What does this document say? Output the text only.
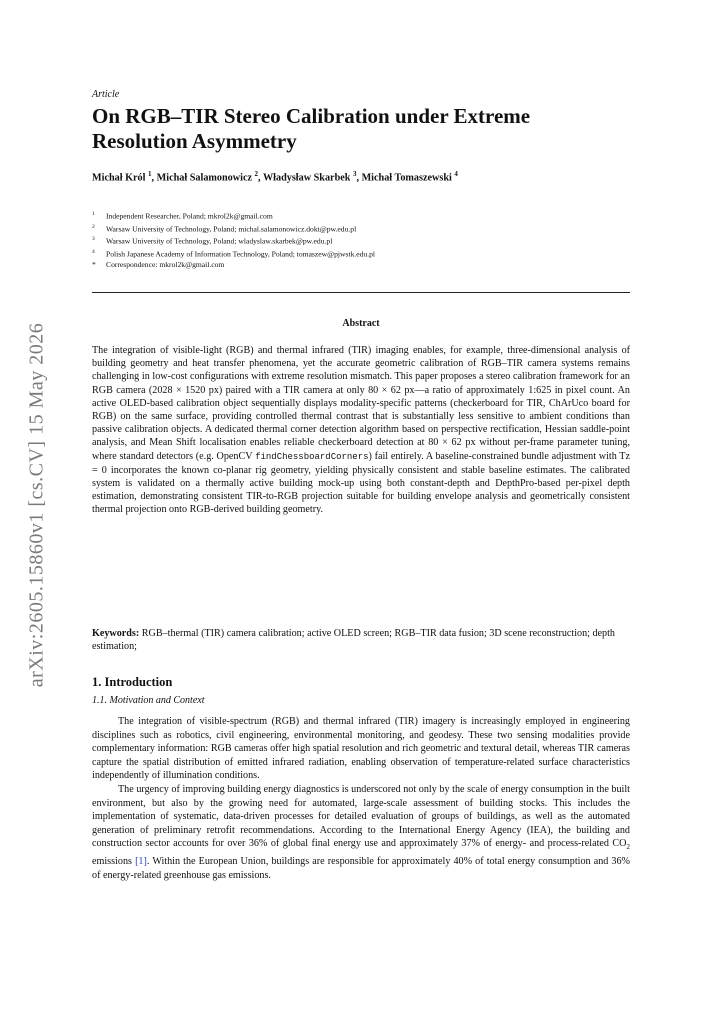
arXiv:2605.15860v1 [cs.CV] 15 May 2026
Article
On RGB–TIR Stereo Calibration under Extreme Resolution Asymmetry
Michał Król $^1$, Michał Salamonowicz $^2$, Władysław Skarbek $^3$, Michał Tomaszewski $^4$
$^1$ Independent Researcher, Poland; mkrol2k@gmail.com
$^2$ Warsaw University of Technology, Poland; michal.salamonowicz.dokt@pw.edu.pl
$^3$ Warsaw University of Technology, Poland; wladyslaw.skarbek@pw.edu.pl
$^4$ Polish Japanese Academy of Information Technology, Poland; tomaszew@pjwstk.edu.pl
* Correspondence: mkrol2k@gmail.com
Abstract
The integration of visible-light (RGB) and thermal infrared (TIR) imaging enables, for example, three-dimensional analysis of building geometry and heat transfer phenomena, yet the accurate geometric calibration of RGB–TIR camera systems remains challenging in low-cost configurations with extreme resolution mismatch. This paper proposes a stereo calibration framework for an RGB camera (2028 × 1520 px) paired with a TIR camera at only 80 × 62 px—a ratio of approximately 1:625 in pixel count. An active OLED-based calibration object sequentially displays modality-specific patterns (checkerboard for TIR, ChArUco board for RGB) on the same surface, providing controlled thermal contrast that is substantially less sensitive to ambient conditions than passive calibration objects. A dedicated thermal corner detection algorithm based on perspective rectification, Hessian saddle-point analysis, and Mean Shift localisation enables reliable checkerboard detection at 80 × 62 px without per-frame parameter tuning, where standard detectors (e.g. OpenCV findChessboardCorners) fail entirely. A baseline-constrained bundle adjustment with Tz = 0 incorporates the known co-planar rig geometry, yielding physically consistent and stable baseline estimates. The calibrated system is validated on a thermally active building mock-up using both constant-depth and DepthPro-based per-pixel depth estimation, demonstrating consistent TIR-to-RGB projection suitable for building envelope analysis and geometrically consistent thermal projection onto RGB-derived building geometry.
Keywords: RGB–thermal (TIR) camera calibration; active OLED screen; RGB–TIR data fusion; 3D scene reconstruction; depth estimation;
1. Introduction
1.1. Motivation and Context

The integration of visible-spectrum (RGB) and thermal infrared (TIR) imagery is increasingly employed in engineering disciplines such as robotics, civil engineering, environmental monitoring, and geodesy. These two sensing modalities provide complementary information: RGB cameras offer high spatial resolution and rich geometric and textural detail, whereas TIR cameras capture the spatial distribution of emitted infrared radiation, enabling observation of temperature-related surface characteristics independently of illumination conditions.

The urgency of improving building energy diagnostics is underscored not only by the scale of energy consumption in the built environment, but also by the growing need for automated, large-scale assessment of building stocks. This includes the implementation of systematic, data-driven processes for detailed evaluation of groups of buildings, as well as the automated generation of preliminary retrofit recommendations. According to the International Energy Agency (IEA), the building and construction sector accounts for over 36% of global final energy use and approximately 37% of energy- and process-related $CO_2$ emissions [1]. Within the European Union, buildings are responsible for approximately 40% of total energy consumption and 36% of energy-related greenhouse gas emissions.
